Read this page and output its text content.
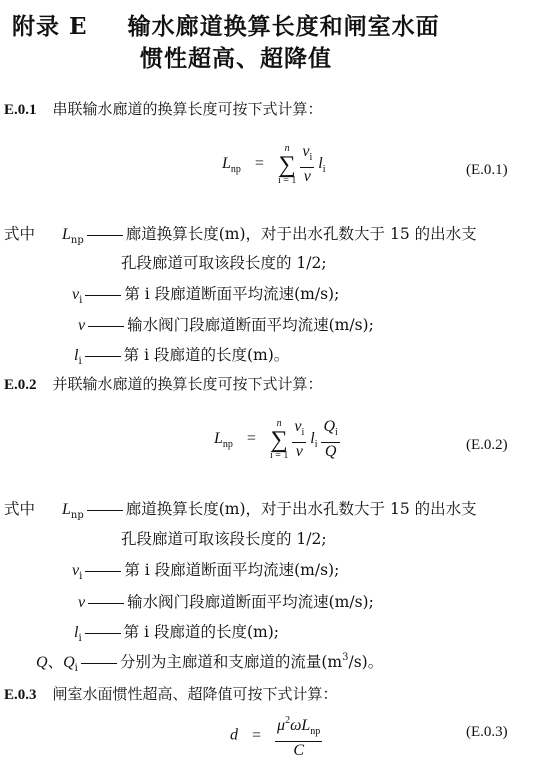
附录 E 输水廊道换算长度和闸室水面
惯性超高、超降值
E.0.1 串联输水廊道的换算长度可按下式计算：
$L_{np} = n$
∑
$i = 1 \frac{v_i}{v} l_i$	(E.0.1)
式中 $L_{np}$	廊道换算长度(m)，对于出水孔数大于 15 的出水支
孔段廊道可取该段长度的 1/2;
$v_i$	第 i 段廊道断面平均流速(m/s);
v	输水阀门段廊道断面平均流速(m/s);
$l_i$	第 i 段廊道的长度(m)。
E.0.2 并联输水廊道的换算长度可按下式计算：
$L_{np} = n$
∑
$i = 1 \frac{v_i}{v} l_i \frac{Q_i}{Q}$	(E.0.2)
式中 $L_{np}$	廊道换算长度(m)，对于出水孔数大于 15 的出水支
孔段廊道可取该段长度的 1/2;
$v_i$	第 i 段廊道断面平均流速(m/s);
v	输水阀门段廊道断面平均流速(m/s);
$l_i$	第 i 段廊道的长度(m);
Q、$Q_i$	分别为主廊道和支廊道的流量$(m^3/s)$。
E.0.3 闸室水面惯性超高、超降值可按下式计算：
$d = \frac{\mu^2\omega L_{np}}{C}$	(E.0.3)
